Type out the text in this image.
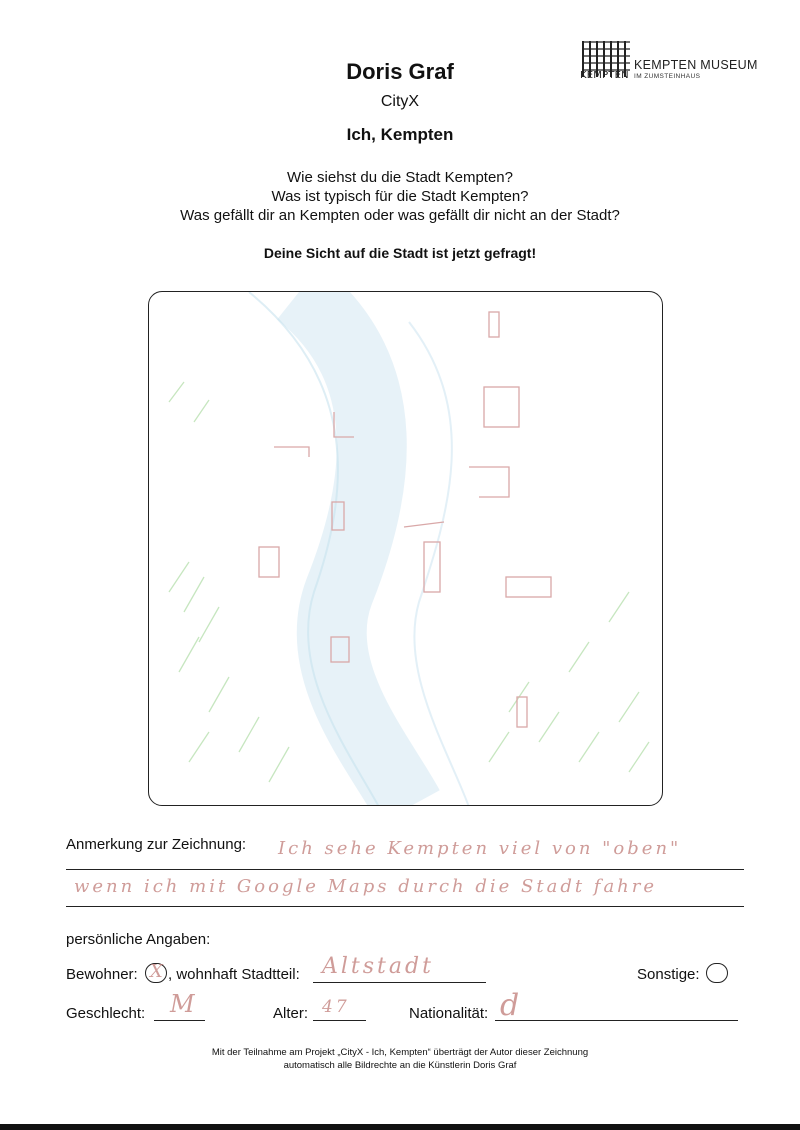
KEMPTEN
KEMPTEN MUSEUM
IM ZUMSTEINHAUS
Doris Graf
CityX
Ich, Kempten
Wie siehst du die Stadt Kempten?
Was ist typisch für die Stadt Kempten?
Was gefällt dir an Kempten oder was gefällt dir nicht an der Stadt?
Deine Sicht auf die Stadt ist jetzt gefragt!
Anmerkung zur Zeichnung: Ich sehe Kempten viel von "oben"
wenn ich mit Google Maps durch die Stadt fahre
persönliche Angaben:
Bewohner: X , wohnhaft Stadtteil: Altstadt	Sonstige:
Geschlecht: M	Alter: 47	Nationalität: d
Mit der Teilnahme am Projekt „CityX - Ich, Kempten“ überträgt der Autor dieser Zeichnung
automatisch alle Bildrechte an die Künstlerin Doris Graf
